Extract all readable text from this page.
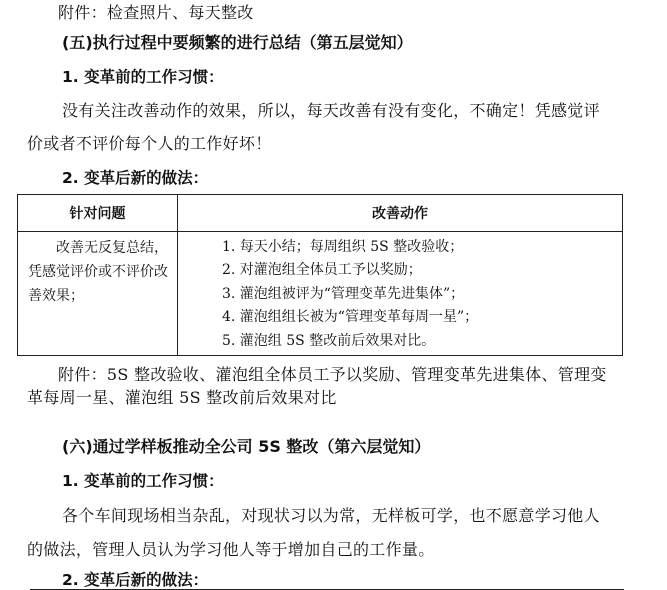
附件：检查照片、每天整改
(五)执行过程中要频繁的进行总结（第五层觉知）
1. 变革前的工作习惯：
没有关注改善动作的效果，所以，每天改善有没有变化，不确定！凭感觉评
价或者不评价每个人的工作好坏！
2. 变革后新的做法：
针对问题	改善动作

改善无反复总结，凭感觉评价或不评价改善效果；	1. 每天小结；每周组织 5S 整改验收；
2. 对灌泡组全体员工予以奖励；
3. 灌泡组被评为“管理变革先进集体”；
4. 灌泡组组长被为“管理变革每周一星”；
5. 灌泡组 5S 整改前后效果对比。
附件：5S 整改验收、灌泡组全体员工予以奖励、管理变革先进集体、管理变
革每周一星、灌泡组 5S 整改前后效果对比
(六)通过学样板推动全公司 5S 整改（第六层觉知）
1. 变革前的工作习惯：
各个车间现场相当杂乱，对现状习以为常，无样板可学，也不愿意学习他人
的做法，管理人员认为学习他人等于增加自己的工作量。
2. 变革后新的做法：
